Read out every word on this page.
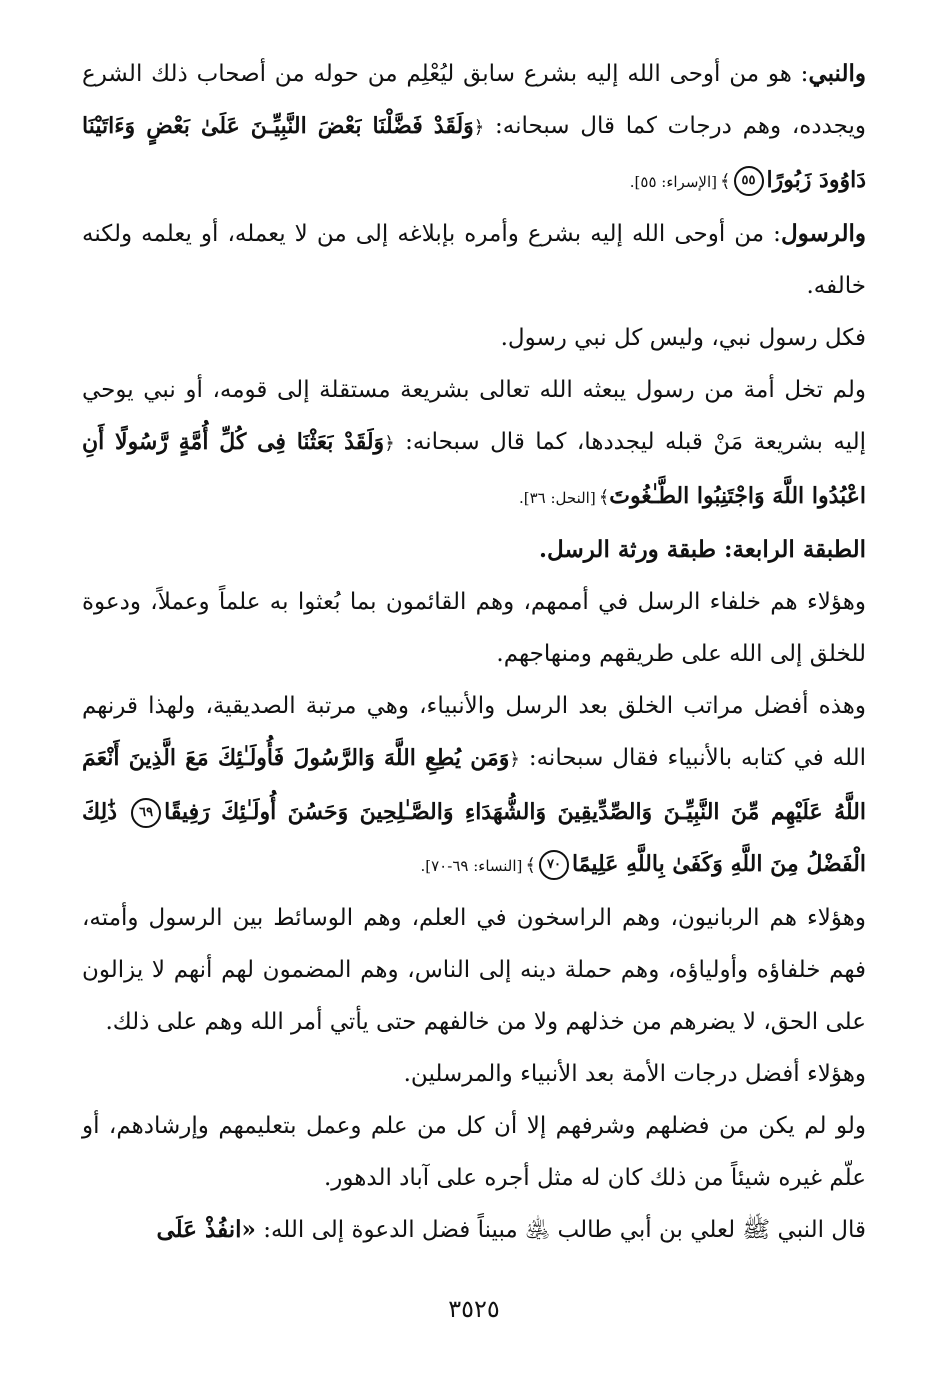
والنبي: هو من أوحى الله إليه بشرع سابق ليُعْلِم من حوله من أصحاب ذلك الشرع ويجدده، وهم درجات كما قال سبحانه: ﴿وَلَقَدْ فَضَّلْنَا بَعْضَ النَّبِيِّـنَ عَلَىٰ بَعْضٍ وَءَاتَيْنَا دَاوُودَ زَبُورًا٥٥﴾[الإسراء: ٥٥].

والرسول: من أوحى الله إليه بشرع وأمره بإبلاغه إلى من لا يعمله، أو يعلمه ولكنه خالفه.

فكل رسول نبي، وليس كل نبي رسول.

ولم تخل أمة من رسول يبعثه الله تعالى بشريعة مستقلة إلى قومه، أو نبي يوحي إليه بشريعة مَنْ قبله ليجددها، كما قال سبحانه: ﴿وَلَقَدْ بَعَثْنَا فِى كُلِّ أُمَّةٍ رَّسُولًا أَنِ اعْبُدُوا اللَّهَ وَاجْتَنِبُوا الطَّـٰغُوتَ﴾[النحل: ٣٦].

الطبقة الرابعة: طبقة ورثة الرسل.

وهؤلاء هم خلفاء الرسل في أممهم، وهم القائمون بما بُعثوا به علماً وعملاً، ودعوة للخلق إلى الله على طريقهم ومنهاجهم.

وهذه أفضل مراتب الخلق بعد الرسل والأنبياء، وهي مرتبة الصديقية، ولهذا قرنهم الله في كتابه بالأنبياء فقال سبحانه: ﴿وَمَن يُطِعِ اللَّهَ وَالرَّسُولَ فَأُولَـٰئِكَ مَعَ الَّذِينَ أَنْعَمَ اللَّهُ عَلَيْهِم مِّنَ النَّبِيِّـنَ وَالصِّدِّيقِينَ وَالشُّهَدَاءِ وَالصَّـٰلِحِينَ وَحَسُنَ أُولَـٰئِكَ رَفِيقًا٦٩ ذَٰلِكَ الْفَضْلُ مِنَ اللَّهِ وَكَفَىٰ بِاللَّهِ عَلِيمًا٧٠﴾[النساء: ٦٩-٧٠].

وهؤلاء هم الربانيون، وهم الراسخون في العلم، وهم الوسائط بين الرسول وأمته، فهم خلفاؤه وأولياؤه، وهم حملة دينه إلى الناس، وهم المضمون لهم أنهم لا يزالون على الحق، لا يضرهم من خذلهم ولا من خالفهم حتى يأتي أمر الله وهم على ذلك.

وهؤلاء أفضل درجات الأمة بعد الأنبياء والمرسلين.

ولو لم يكن من فضلهم وشرفهم إلا أن كل من علم وعمل بتعليمهم وإرشادهم، أو علّم غيره شيئاً من ذلك كان له مثل أجره على آباد الدهور.

قال النبي ﷺ لعلي بن أبي طالب ﵁ مبيناً فضل الدعوة إلى الله: «انفُذْ عَلَى

٣٥٢٥
